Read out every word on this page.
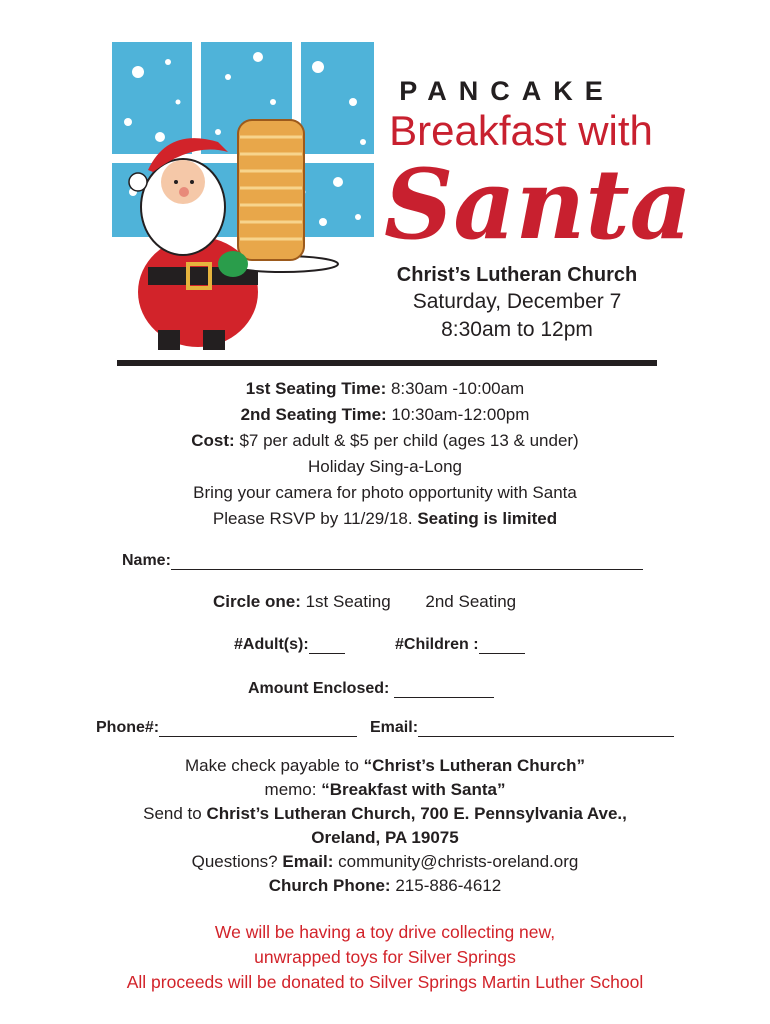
PANCAKE
Breakfast with
Santa
Christ’s Lutheran Church
Saturday, December 7
8:30am to 12pm
1st Seating Time: 8:30am -10:00am
2nd Seating Time: 10:30am-12:00pm
Cost: $7 per adult & $5 per child (ages 13 & under)
Holiday Sing-a-Long
Bring your camera for photo opportunity with Santa
Please RSVP by 11/29/18. Seating is limited
Name:
Circle one: 1st Seating 2nd Seating
#Adult(s):	#Children :
Amount Enclosed:
Phone#:	Email:
Make check payable to “Christ’s Lutheran Church”
memo: “Breakfast with Santa”
Send to Christ’s Lutheran Church, 700 E. Pennsylvania Ave.,
Oreland, PA 19075
Questions? Email: community@christs-oreland.org
Church Phone: 215-886-4612
We will be having a toy drive collecting new,
unwrapped toys for Silver Springs
All proceeds will be donated to Silver Springs Martin Luther School
